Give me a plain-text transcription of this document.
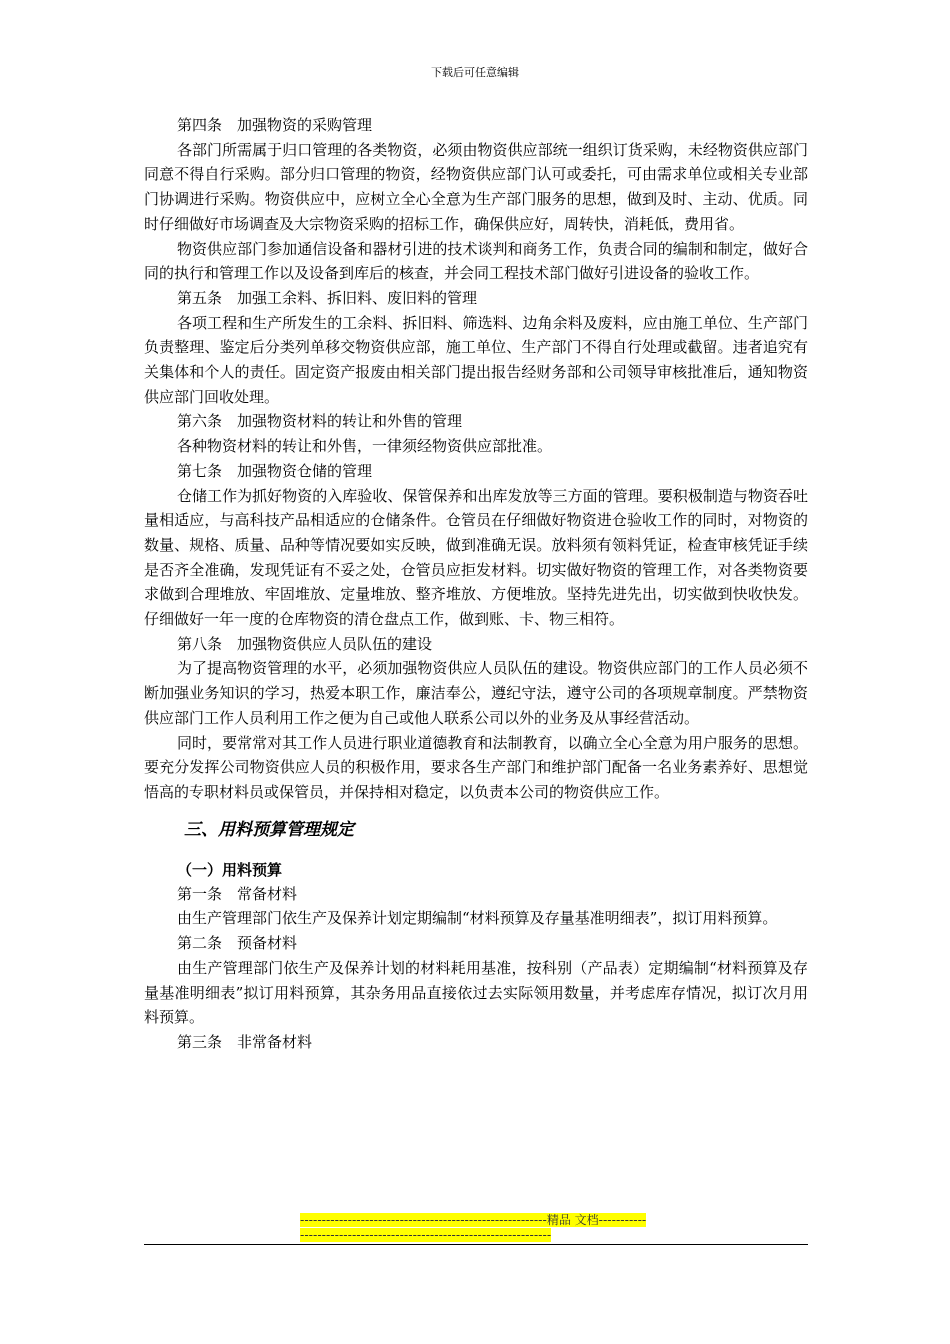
下载后可任意编辑

第四条　加强物资的采购管理

各部门所需属于归口管理的各类物资，必须由物资供应部统一组织订货采购，未经物资供应部门同意不得自行采购。部分归口管理的物资，经物资供应部门认可或委托，可由需求单位或相关专业部门协调进行采购。物资供应中，应树立全心全意为生产部门服务的思想，做到及时、主动、优质。同时仔细做好市场调查及大宗物资采购的招标工作，确保供应好，周转快，消耗低，费用省。

物资供应部门参加通信设备和器材引进的技术谈判和商务工作，负责合同的编制和制定，做好合同的执行和管理工作以及设备到库后的核查，并会同工程技术部门做好引进设备的验收工作。

第五条　加强工余料、拆旧料、废旧料的管理

各项工程和生产所发生的工余料、拆旧料、筛选料、边角余料及废料，应由施工单位、生产部门负责整理、鉴定后分类列单移交物资供应部，施工单位、生产部门不得自行处理或截留。违者追究有关集体和个人的责任。固定资产报废由相关部门提出报告经财务部和公司领导审核批准后，通知物资供应部门回收处理。

第六条　加强物资材料的转让和外售的管理

各种物资材料的转让和外售，一律须经物资供应部批准。

第七条　加强物资仓储的管理

仓储工作为抓好物资的入库验收、保管保养和出库发放等三方面的管理。要积极制造与物资吞吐量相适应，与高科技产品相适应的仓储条件。仓管员在仔细做好物资进仓验收工作的同时，对物资的数量、规格、质量、品种等情况要如实反映，做到准确无误。放料须有领料凭证，检查审核凭证手续是否齐全准确，发现凭证有不妥之处，仓管员应拒发材料。切实做好物资的管理工作，对各类物资要求做到合理堆放、牢固堆放、定量堆放、整齐堆放、方便堆放。坚持先进先出，切实做到快收快发。仔细做好一年一度的仓库物资的清仓盘点工作，做到账、卡、物三相符。

第八条　加强物资供应人员队伍的建设

为了提高物资管理的水平，必须加强物资供应人员队伍的建设。物资供应部门的工作人员必须不断加强业务知识的学习，热爱本职工作，廉洁奉公，遵纪守法，遵守公司的各项规章制度。严禁物资供应部门工作人员利用工作之便为自己或他人联系公司以外的业务及从事经营活动。

同时，要常常对其工作人员进行职业道德教育和法制教育，以确立全心全意为用户服务的思想。要充分发挥公司物资供应人员的积极作用，要求各生产部门和维护部门配备一名业务素养好、思想觉悟高的专职材料员或保管员，并保持相对稳定，以负责本公司的物资供应工作。

三、用料预算管理规定
（一）用料预算

第一条　常备材料

由生产管理部门依生产及保养计划定期编制“材料预算及存量基准明细表”，拟订用料预算。

第二条　预备材料

由生产管理部门依生产及保养计划的材料耗用基准，按科别（产品表）定期编制“材料预算及存量基准明细表”拟订用料预算，其杂务用品直接依过去实际领用数量，并考虑库存情况，拟订次月用料预算。

第三条　非常备材料

---------------------------------------------------------精品 文档---------------------------------------------------------------------
